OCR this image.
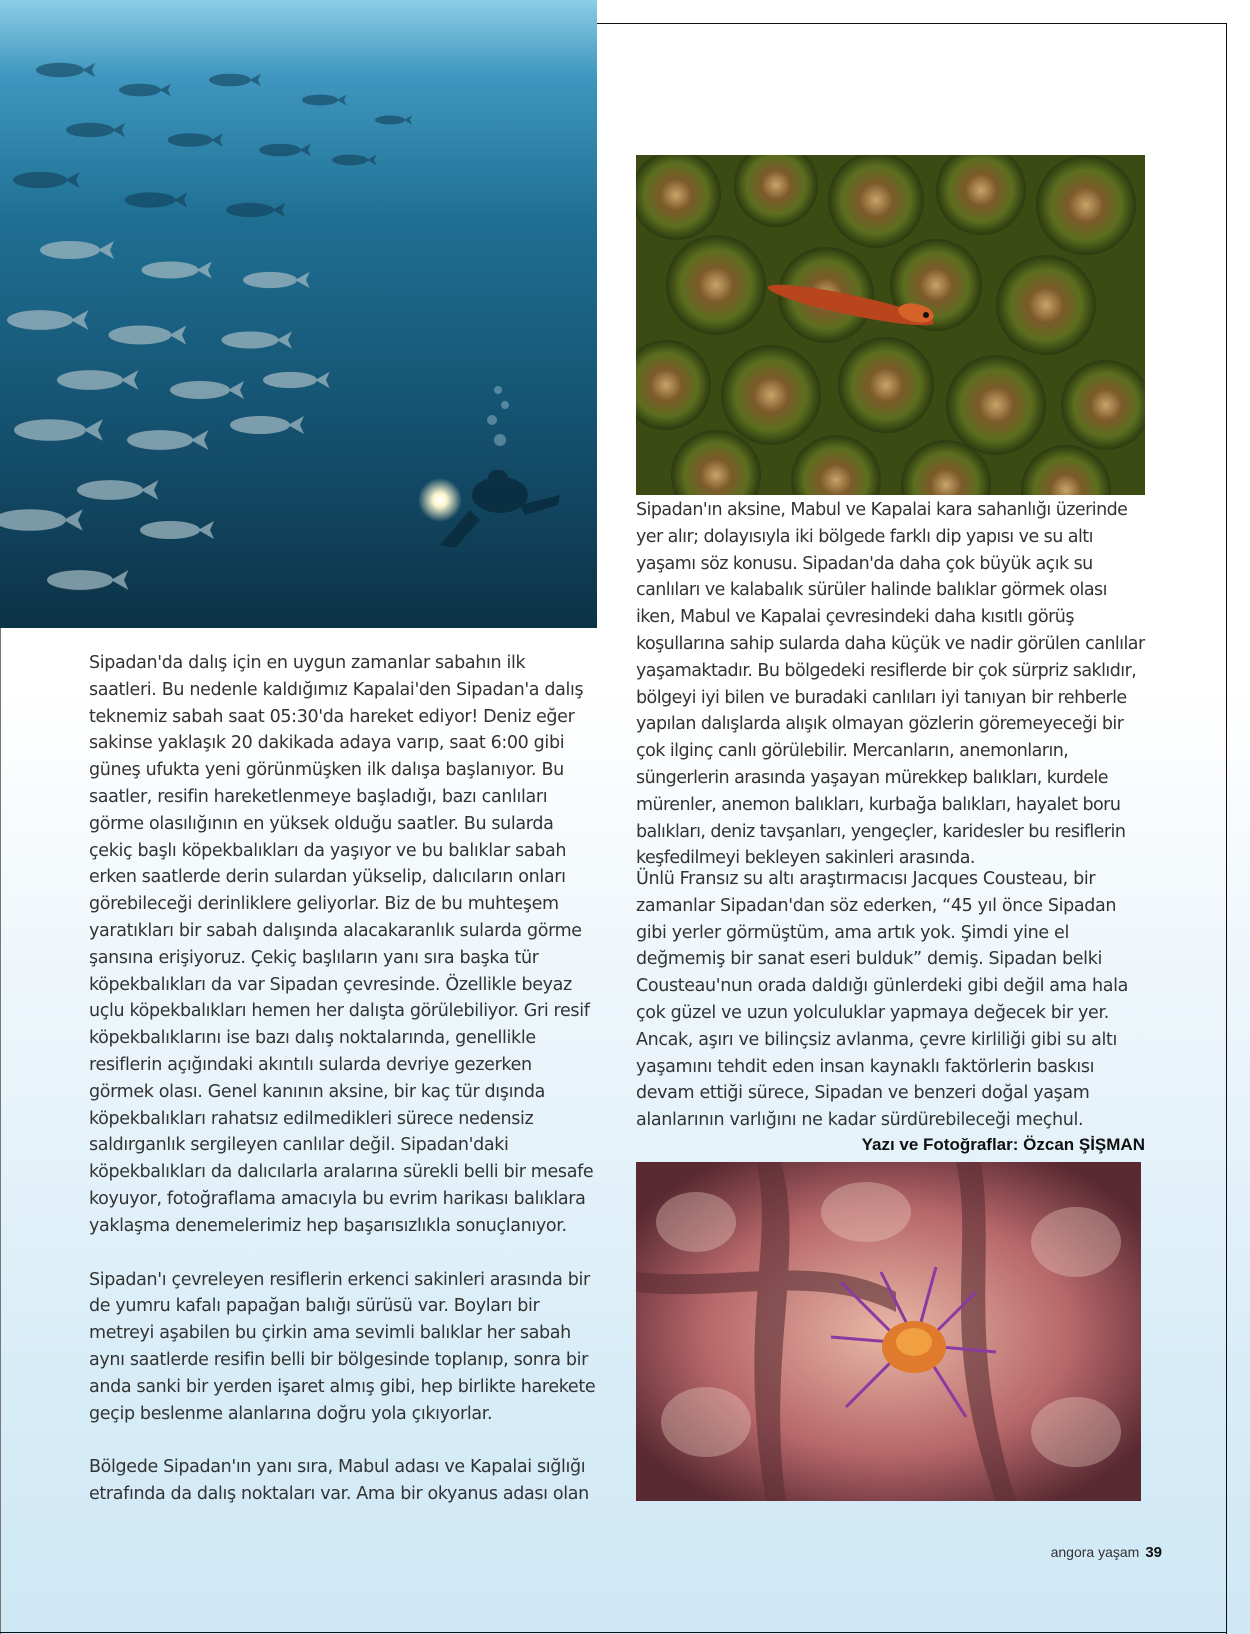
Sipadan'ın aksine, Mabul ve Kapalai kara sahanlığı üzerinde yer alır; dolayısıyla iki bölgede farklı dip yapısı ve su altı yaşamı söz konusu. Sipadan'da daha çok büyük açık su canlıları ve kalabalık sürüler halinde balıklar görmek olası iken, Mabul ve Kapalai çevresindeki daha kısıtlı görüş koşullarına sahip sularda daha küçük ve nadir görülen canlılar yaşamaktadır. Bu bölgedeki resiflerde bir çok sürpriz saklıdır, bölgeyi iyi bilen ve buradaki canlıları iyi tanıyan bir rehberle yapılan dalışlarda alışık olmayan gözlerin göremeyeceği bir çok ilginç canlı görülebilir. Mercanların, anemonların, süngerlerin arasında yaşayan mürekkep balıkları, kurdele mürenler, anemon balıkları, kurbağa balıkları, hayalet boru balıkları, deniz tavşanları, yengeçler, karidesler bu resiflerin keşfedilmeyi bekleyen sakinleri arasında.

Ünlü Fransız su altı araştırmacısı Jacques Cousteau, bir zamanlar Sipadan'dan söz ederken, “45 yıl önce Sipadan gibi yerler görmüştüm, ama artık yok. Şimdi yine el değmemiş bir sanat eseri bulduk” demiş. Sipadan belki Cousteau'nun orada daldığı günlerdeki gibi değil ama hala çok güzel ve uzun yolculuklar yapmaya değecek bir yer. Ancak, aşırı ve bilinçsiz avlanma, çevre kirliliği gibi su altı yaşamını tehdit eden insan kaynaklı faktörlerin baskısı devam ettiği sürece, Sipadan ve benzeri doğal yaşam alanlarının varlığını ne kadar sürdürebileceği meçhul.

Yazı ve Fotoğraflar: Özcan ŞİŞMAN

Sipadan'da dalış için en uygun zamanlar sabahın ilk saatleri. Bu nedenle kaldığımız Kapalai'den Sipadan'a dalış teknemiz sabah saat 05:30'da hareket ediyor! Deniz eğer sakinse yaklaşık 20 dakikada adaya varıp, saat 6:00 gibi güneş ufukta yeni görünmüşken ilk dalışa başlanıyor. Bu saatler, resifin hareketlenmeye başladığı, bazı canlıları görme olasılığının en yüksek olduğu saatler. Bu sularda çekiç başlı köpekbalıkları da yaşıyor ve bu balıklar sabah erken saatlerde derin sulardan yükselip, dalıcıların onları görebileceği derinliklere geliyorlar. Biz de bu muhteşem yaratıkları bir sabah dalışında alacakaranlık sularda görme şansına erişiyoruz. Çekiç başlıların yanı sıra başka tür köpekbalıkları da var Sipadan çevresinde. Özellikle beyaz uçlu köpekbalıkları hemen her dalışta görülebiliyor. Gri resif köpekbalıklarını ise bazı dalış noktalarında, genellikle resiflerin açığındaki akıntılı sularda devriye gezerken görmek olası. Genel kanının aksine, bir kaç tür dışında köpekbalıkları rahatsız edilmedikleri sürece nedensiz saldırganlık sergileyen canlılar değil. Sipadan'daki köpekbalıkları da dalıcılarla aralarına sürekli belli bir mesafe koyuyor, fotoğraflama amacıyla bu evrim harikası balıklara yaklaşma denemelerimiz hep başarısızlıkla sonuçlanıyor.

Sipadan'ı çevreleyen resiflerin erkenci sakinleri arasında bir de yumru kafalı papağan balığı sürüsü var. Boyları bir metreyi aşabilen bu çirkin ama sevimli balıklar her sabah aynı saatlerde resifin belli bir bölgesinde toplanıp, sonra bir anda sanki bir yerden işaret almış gibi, hep birlikte harekete geçip beslenme alanlarına doğru yola çıkıyorlar.

Bölgede Sipadan'ın yanı sıra, Mabul adası ve Kapalai sığlığı etrafında da dalış noktaları var. Ama bir okyanus adası olan

angora yaşam 39
